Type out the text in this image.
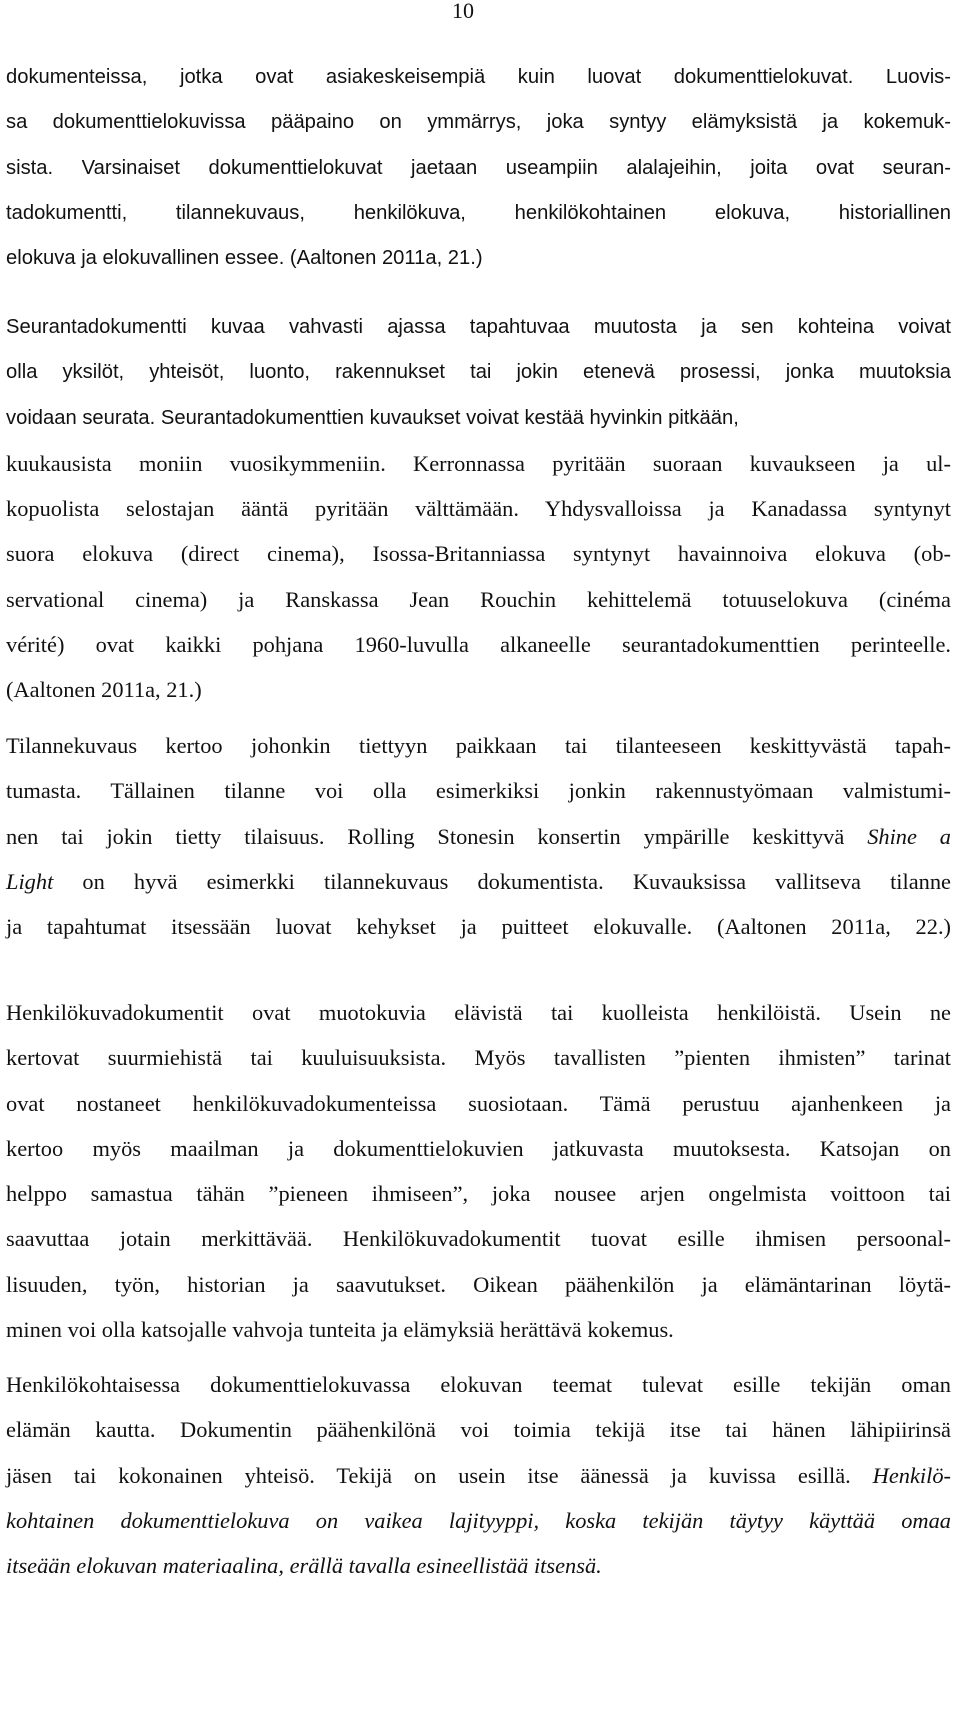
10
dokumenteissa, jotka ovat asiakeskeisempiä kuin luovat dokumenttielokuvat. Luovis-
sa dokumenttielokuvissa pääpaino on ymmärrys, joka syntyy elämyksistä ja kokemuk-
sista. Varsinaiset dokumenttielokuvat jaetaan useampiin alalajeihin, joita ovat seuran-
tadokumentti, tilannekuvaus, henkilökuva, henkilökohtainen elokuva, historiallinen
elokuva ja elokuvallinen essee. (Aaltonen 2011a, 21.)
Seurantadokumentti kuvaa vahvasti ajassa tapahtuvaa muutosta ja sen kohteina voivat
olla yksilöt, yhteisöt, luonto, rakennukset tai jokin etenevä prosessi, jonka muutoksia
voidaan seurata. Seurantadokumenttien kuvaukset voivat kestää hyvinkin pitkään,
kuukausista moniin vuosikymmeniin. Kerronnassa pyritään suoraan kuvaukseen ja ul-
kopuolista selostajan ääntä pyritään välttämään. Yhdysvalloissa ja Kanadassa syntynyt
suora elokuva (direct cinema), Isossa-Britanniassa syntynyt havainnoiva elokuva (ob-
servational cinema) ja Ranskassa Jean Rouchin kehittelemä totuuselokuva (cinéma
vérité) ovat kaikki pohjana 1960-luvulla alkaneelle seurantadokumenttien perinteelle.
(Aaltonen 2011a, 21.)
Tilannekuvaus kertoo johonkin tiettyyn paikkaan tai tilanteeseen keskittyvästä tapah-
tumasta. Tällainen tilanne voi olla esimerkiksi jonkin rakennustyömaan valmistumi-
nen tai jokin tietty tilaisuus. Rolling Stonesin konsertin ympärille keskittyvä Shine a
Light on hyvä esimerkki tilannekuvaus dokumentista. Kuvauksissa vallitseva tilanne
ja tapahtumat itsessään luovat kehykset ja puitteet elokuvalle. (Aaltonen 2011a, 22.)
Henkilökuvadokumentit ovat muotokuvia elävistä tai kuolleista henkilöistä. Usein ne
kertovat suurmiehistä tai kuuluisuuksista. Myös tavallisten ”pienten ihmisten” tarinat
ovat nostaneet henkilökuvadokumenteissa suosiotaan. Tämä perustuu ajanhenkeen ja
kertoo myös maailman ja dokumenttielokuvien jatkuvasta muutoksesta. Katsojan on
helppo samastua tähän ”pieneen ihmiseen”, joka nousee arjen ongelmista voittoon tai
saavuttaa jotain merkittävää. Henkilökuvadokumentit tuovat esille ihmisen persoonal-
lisuuden, työn, historian ja saavutukset. Oikean päähenkilön ja elämäntarinan löytä-
minen voi olla katsojalle vahvoja tunteita ja elämyksiä herättävä kokemus.
Henkilökohtaisessa dokumenttielokuvassa elokuvan teemat tulevat esille tekijän oman
elämän kautta. Dokumentin päähenkilönä voi toimia tekijä itse tai hänen lähipiirinsä
jäsen tai kokonainen yhteisö. Tekijä on usein itse äänessä ja kuvissa esillä. Henkilö-
kohtainen dokumenttielokuva on vaikea lajityyppi, koska tekijän täytyy käyttää omaa
itseään elokuvan materiaalina, erällä tavalla esineellistää itsensä.
